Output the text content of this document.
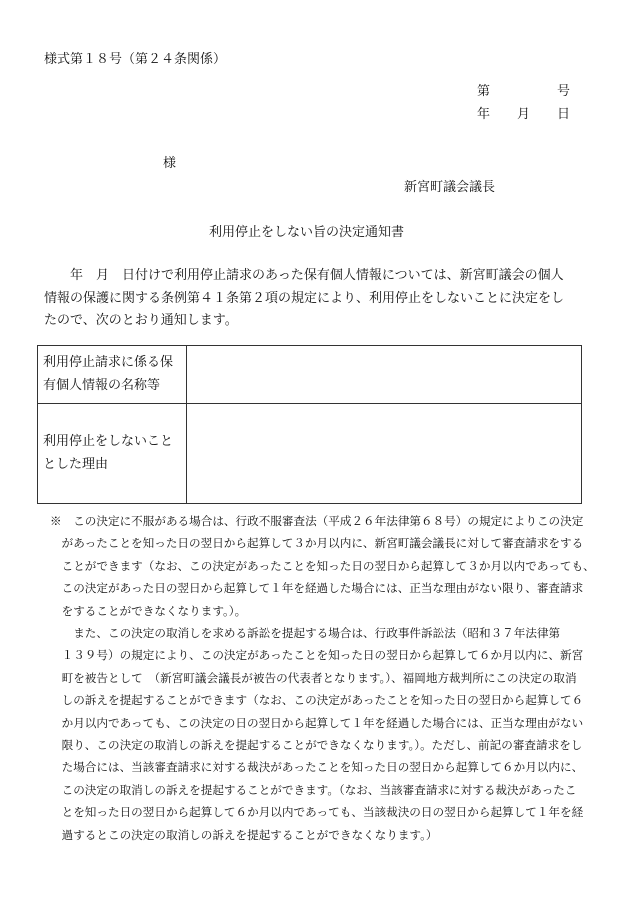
様式第１８号（第２４条関係）
第	号
年 月 日
様
新宮町議会議長
利用停止をしない旨の決定通知書
　　年　月　日付けで利用停止請求のあった保有個人情報については、新宮町議会の個人
情報の保護に関する条例第４１条第２項の規定により、利用停止をしないことに決定をし
たので、次のとおり通知します。
利用停止請求に係る保
有個人情報の名称等	

利用停止をしないこと
とした理由	

※　この決定に不服がある場合は、行政不服審査法（平成２６年法律第６８号）の規定によりこの決定
　があったことを知った日の翌日から起算して３か月以内に、新宮町議会議長に対して審査請求をする
　ことができます（なお、この決定があったことを知った日の翌日から起算して３か月以内であっても、
　この決定があった日の翌日から起算して１年を経過した場合には、正当な理由がない限り、審査請求
　をすることができなくなります。）。
　　また、この決定の取消しを求める訴訟を提起する場合は、行政事件訴訟法（昭和３７年法律第
　１３９号）の規定により、この決定があったことを知った日の翌日から起算して６か月以内に、新宮
　町を被告として　（新宮町議会議長が被告の代表者となります。）、福岡地方裁判所にこの決定の取消
　しの訴えを提起することができます（なお、この決定があったことを知った日の翌日から起算して６
　か月以内であっても、この決定の日の翌日から起算して１年を経過した場合には、正当な理由がない
　限り、この決定の取消しの訴えを提起することができなくなります。）。ただし、前記の審査請求をし
　た場合には、当該審査請求に対する裁決があったことを知った日の翌日から起算して６か月以内に、
　この決定の取消しの訴えを提起することができます。（なお、当該審査請求に対する裁決があったこ
　とを知った日の翌日から起算して６か月以内であっても、当該裁決の日の翌日から起算して１年を経
　過するとこの決定の取消しの訴えを提起することができなくなります。）
